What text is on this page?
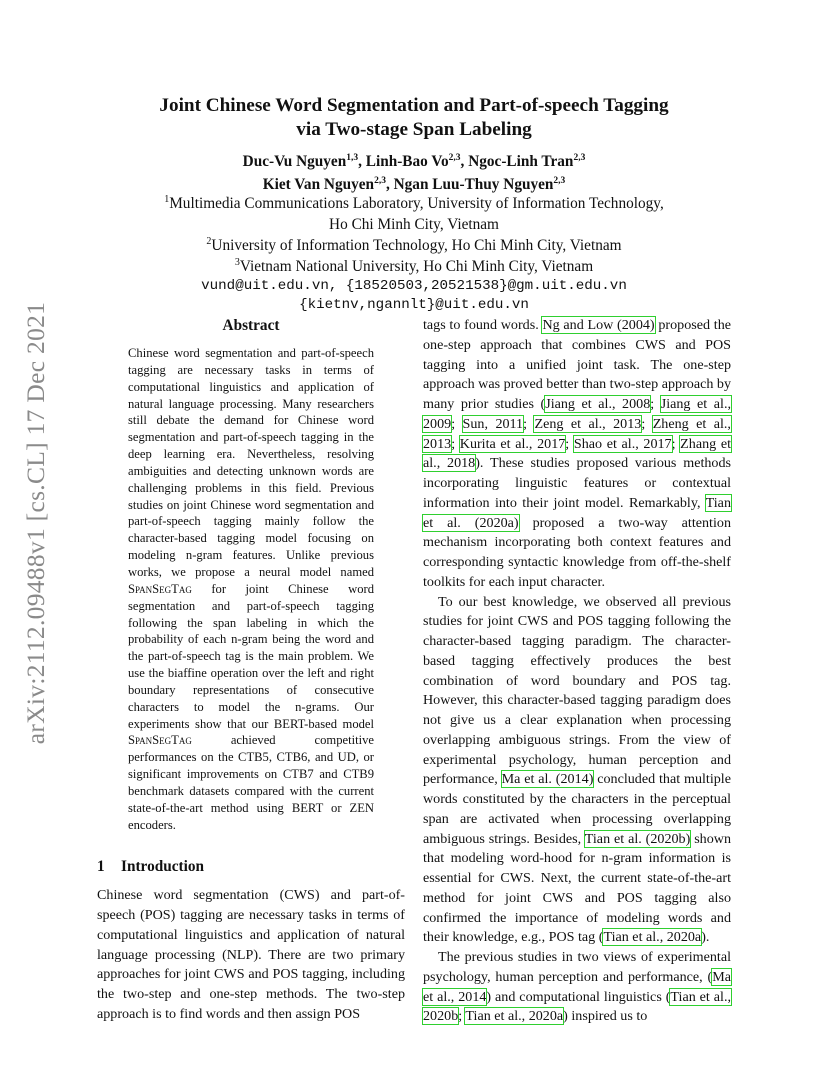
arXiv:2112.09488v1 [cs.CL] 17 Dec 2021
Joint Chinese Word Segmentation and Part-of-speech Tagging
via Two-stage Span Labeling
Duc-Vu Nguyen$^{1,3}$, Linh-Bao Vo$^{2,3}$, Ngoc-Linh Tran$^{2,3}$
Kiet Van Nguyen$^{2,3}$, Ngan Luu-Thuy Nguyen$^{2,3}$
$^1$Multimedia Communications Laboratory, University of Information Technology,
Ho Chi Minh City, Vietnam
$^2$University of Information Technology, Ho Chi Minh City, Vietnam
$^3$Vietnam National University, Ho Chi Minh City, Vietnam
vund@uit.edu.vn, {18520503,20521538}@gm.uit.edu.vn
{kietnv,ngannlt}@uit.edu.vn
Abstract
Chinese word segmentation and part-of-speech tagging are necessary tasks in terms of computational linguistics and application of natural language processing. Many researchers still debate the demand for Chinese word segmentation and part-of-speech tagging in the deep learning era. Nevertheless, resolving ambiguities and detecting unknown words are challenging problems in this field. Previous studies on joint Chinese word segmentation and part-of-speech tagging mainly follow the character-based tagging model focusing on modeling n-gram features. Unlike previous works, we propose a neural model named SpanSegTag for joint Chinese word segmentation and part-of-speech tagging following the span labeling in which the probability of each n-gram being the word and the part-of-speech tag is the main problem. We use the biaffine operation over the left and right boundary representations of consecutive characters to model the n-grams. Our experiments show that our BERT-based model SpanSegTag achieved competitive performances on the CTB5, CTB6, and UD, or significant improvements on CTB7 and CTB9 benchmark datasets compared with the current state-of-the-art method using BERT or ZEN encoders.
1 Introduction

Chinese word segmentation (CWS) and part-of-speech (POS) tagging are necessary tasks in terms of computational linguistics and application of natural language processing (NLP). There are two primary approaches for joint CWS and POS tagging, including the two-step and one-step methods. The two-step approach is to find words and then assign POS

tags to found words. Ng and Low (2004) proposed the one-step approach that combines CWS and POS tagging into a unified joint task. The one-step approach was proved better than two-step approach by many prior studies (Jiang et al., 2008; Jiang et al., 2009; Sun, 2011; Zeng et al., 2013; Zheng et al., 2013; Kurita et al., 2017; Shao et al., 2017; Zhang et al., 2018). These studies proposed various methods incorporating linguistic features or contextual information into their joint model. Remarkably, Tian et al. (2020a) proposed a two-way attention mechanism incorporating both context features and corresponding syntactic knowledge from off-the-shelf toolkits for each input character.

To our best knowledge, we observed all previous studies for joint CWS and POS tagging following the character-based tagging paradigm. The character-based tagging effectively produces the best combination of word boundary and POS tag. However, this character-based tagging paradigm does not give us a clear explanation when processing overlapping ambiguous strings. From the view of experimental psychology, human perception and performance, Ma et al. (2014) concluded that multiple words constituted by the characters in the perceptual span are activated when processing overlapping ambiguous strings. Besides, Tian et al. (2020b) shown that modeling word-hood for n-gram information is essential for CWS. Next, the current state-of-the-art method for joint CWS and POS tagging also confirmed the importance of modeling words and their knowledge, e.g., POS tag (Tian et al., 2020a).

The previous studies in two views of experimental psychology, human perception and performance, (Ma et al., 2014) and computational linguistics (Tian et al., 2020b; Tian et al., 2020a) inspired us to
